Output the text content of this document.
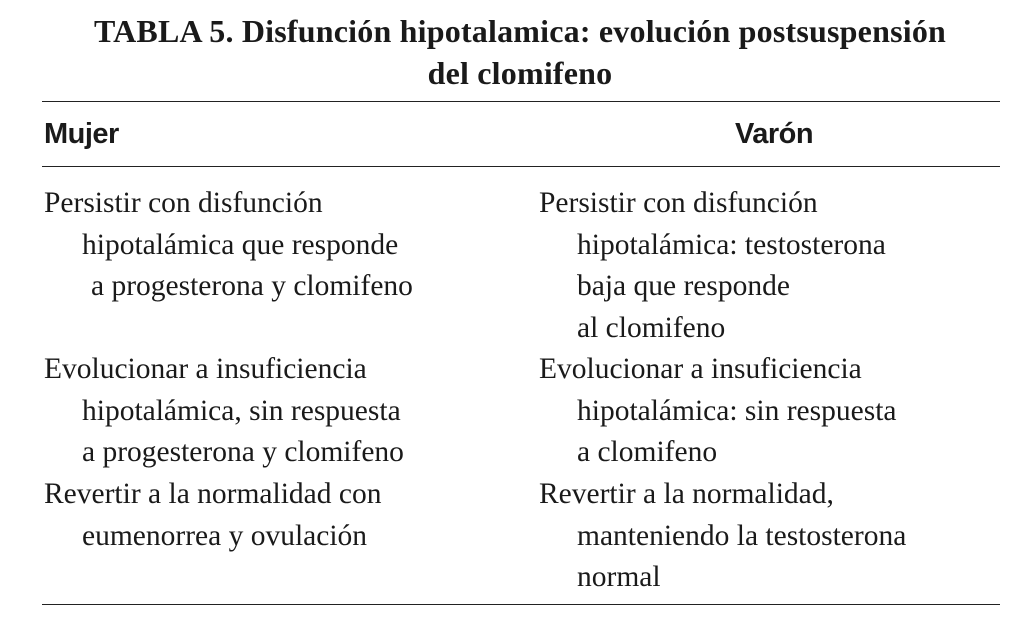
TABLA 5. Disfunción hipotalamica: evolución postsuspensión
del clomifeno
Mujer	Varón
Persistir con disfunción
hipotalámica que responde
a progesterona y clomifeno
Evolucionar a insuficiencia
hipotalámica, sin respuesta
a progesterona y clomifeno
Revertir a la normalidad con
eumenorrea y ovulación
Persistir con disfunción
hipotalámica: testosterona
baja que responde
al clomifeno
Evolucionar a insuficiencia
hipotalámica: sin respuesta
a clomifeno
Revertir a la normalidad,
manteniendo la testosterona
normal
